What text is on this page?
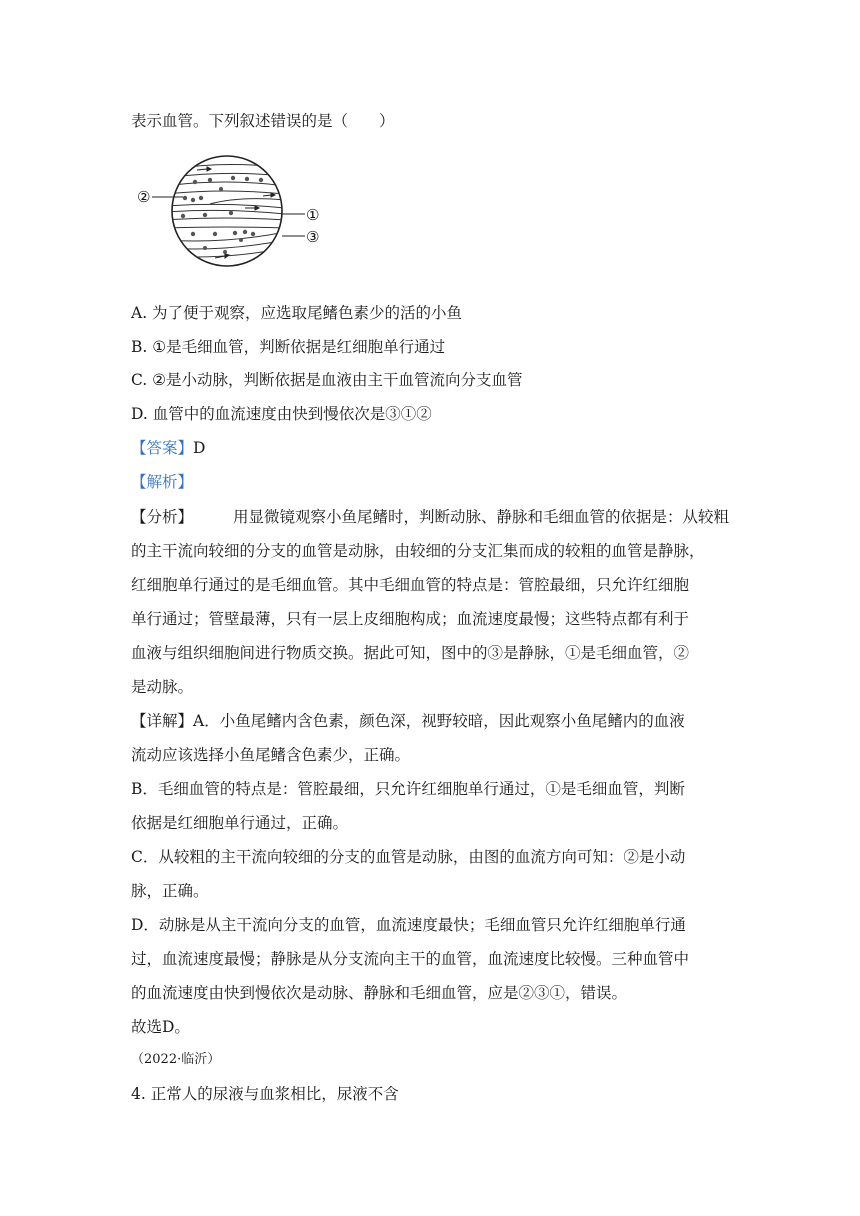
表示血管。下列叙述错误的是（　　）
②
①
③
A. 为了便于观察，应选取尾鳍色素少的活的小鱼
B. ①是毛细血管，判断依据是红细胞单行通过
C. ②是小动脉，判断依据是血液由主干血管流向分支血管
D. 血管中的血流速度由快到慢依次是③①②
【答案】D
【解析】
【分析】	用显微镜观察小鱼尾鳍时，判断动脉、静脉和毛细血管的依据是：从较粗
的主干流向较细的分支的血管是动脉，由较细的分支汇集而成的较粗的血管是静脉，
红细胞单行通过的是毛细血管。其中毛细血管的特点是：管腔最细，只允许红细胞
单行通过；管壁最薄，只有一层上皮细胞构成；血流速度最慢；这些特点都有利于
血液与组织细胞间进行物质交换。据此可知，图中的③是静脉，①是毛细血管，②
是动脉。
【详解】A．小鱼尾鳍内含色素，颜色深，视野较暗，因此观察小鱼尾鳍内的血液
流动应该选择小鱼尾鳍含色素少，正确。
B．毛细血管的特点是：管腔最细，只允许红细胞单行通过，①是毛细血管，判断
依据是红细胞单行通过，正确。
C．从较粗的主干流向较细的分支的血管是动脉，由图的血流方向可知：②是小动
脉，正确。
D．动脉是从主干流向分支的血管，血流速度最快；毛细血管只允许红细胞单行通
过，血流速度最慢；静脉是从分支流向主干的血管，血流速度比较慢。三种血管中
的血流速度由快到慢依次是动脉、静脉和毛细血管，应是②③①，错误。
故选D。
（2022·临沂）
4. 正常人的尿液与血浆相比，尿液不含
